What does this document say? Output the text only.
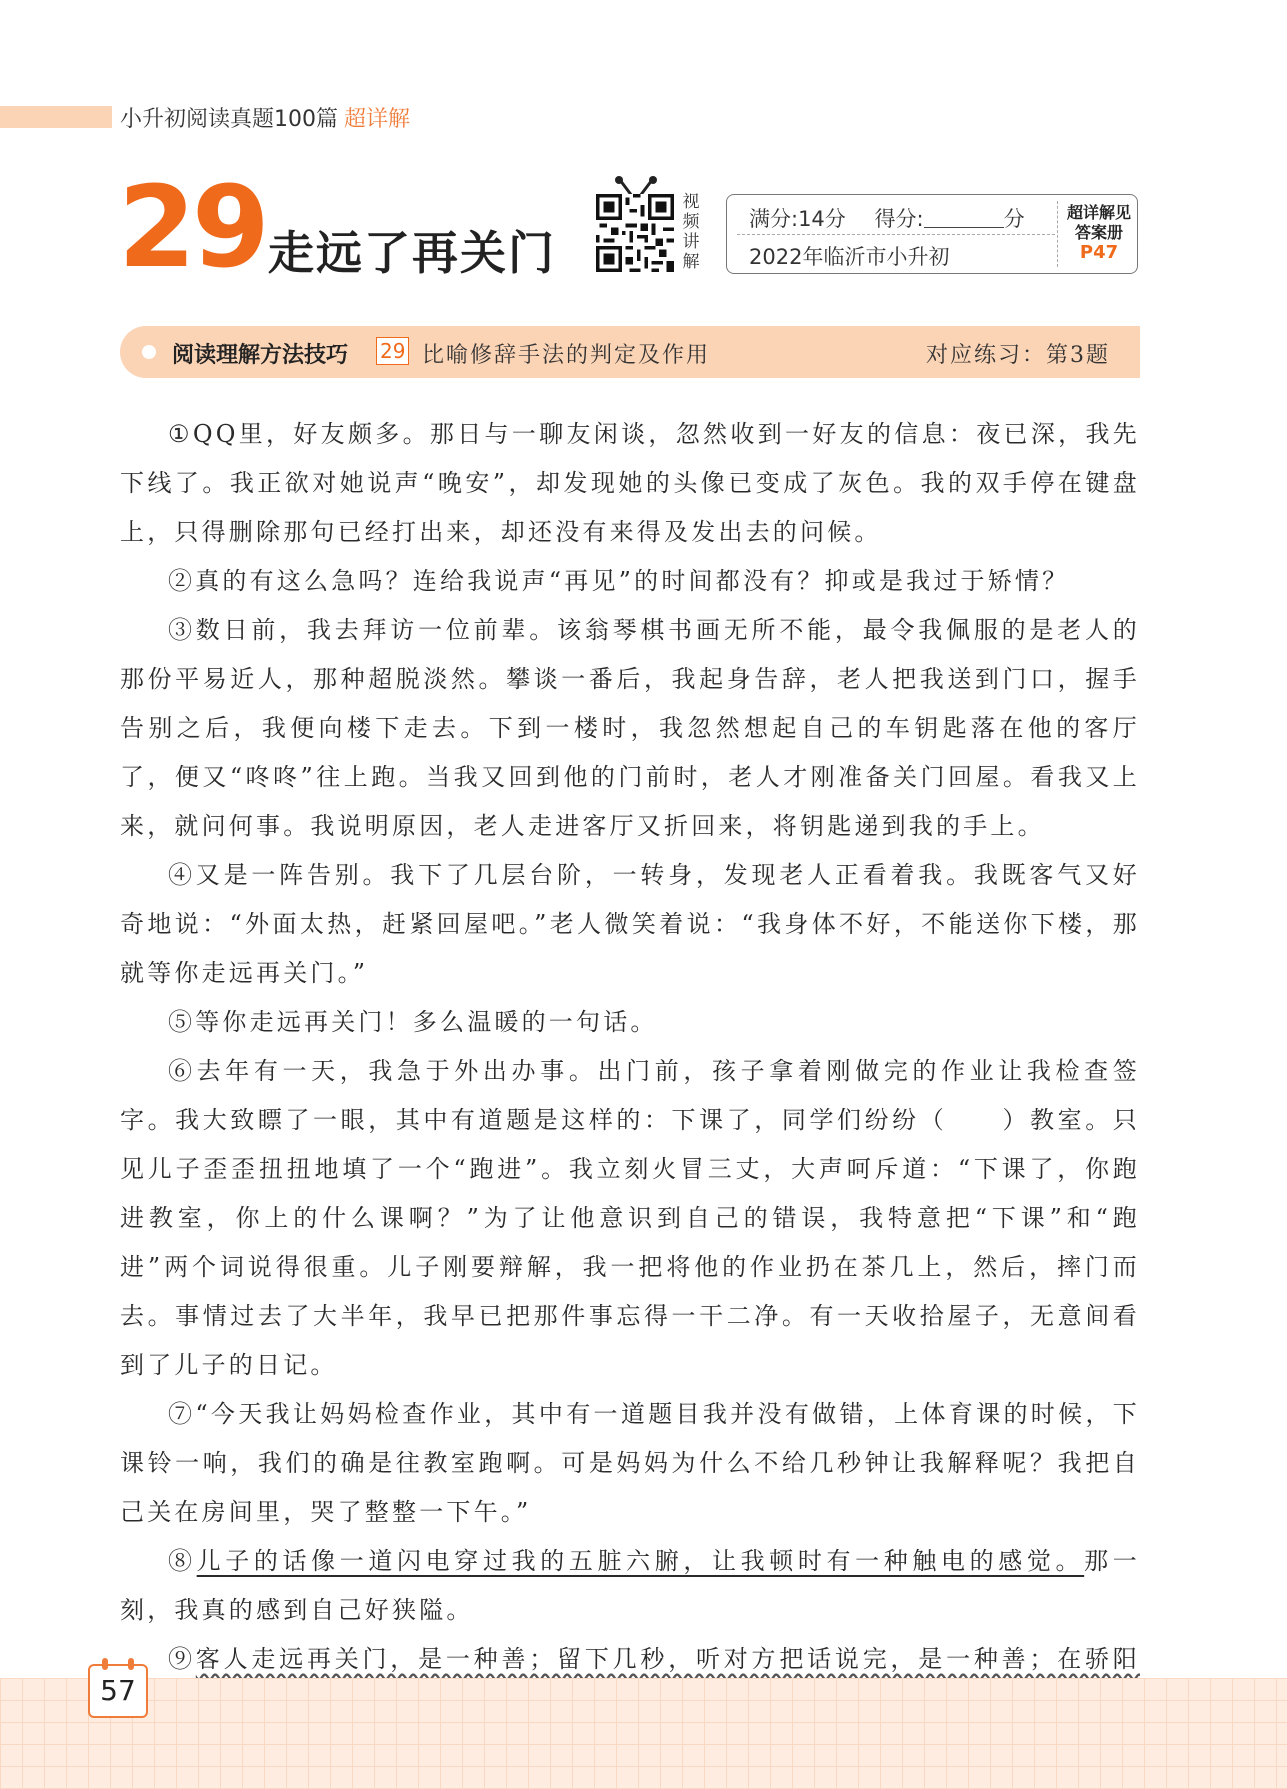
小升初阅读真题100篇 超详解
29 走远了再关门
视频讲解
满分:14分 得分:	分
2022年临沂市小升初
超详解见
答案册
P47
阅读理解方法技巧 29 比喻修辞手法的判定及作用	对应练习：第3题

①QQ里，好友颇多。那日与一聊友闲谈，忽然收到一好友的信息：夜已深，我先下线了。我正欲对她说声“晚安”，却发现她的头像已变成了灰色。我的双手停在键盘上，只得删除那句已经打出来，却还没有来得及发出去的问候。

②真的有这么急吗？连给我说声“再见”的时间都没有？抑或是我过于矫情？

③数日前，我去拜访一位前辈。该翁琴棋书画无所不能，最令我佩服的是老人的那份平易近人，那种超脱淡然。攀谈一番后，我起身告辞，老人把我送到门口，握手告别之后，我便向楼下走去。下到一楼时，我忽然想起自己的车钥匙落在他的客厅了，便又“咚咚”往上跑。当我又回到他的门前时，老人才刚准备关门回屋。看我又上来，就问何事。我说明原因，老人走进客厅又折回来，将钥匙递到我的手上。

④又是一阵告别。我下了几层台阶，一转身，发现老人正看着我。我既客气又好奇地说：“外面太热，赶紧回屋吧。”老人微笑着说：“我身体不好，不能送你下楼，那就等你走远再关门。”

⑤等你走远再关门！多么温暖的一句话。

⑥去年有一天，我急于外出办事。出门前，孩子拿着刚做完的作业让我检查签字。我大致瞟了一眼，其中有道题是这样的：下课了，同学们纷纷（　　）教室。只见儿子歪歪扭扭地填了一个“跑进”。我立刻火冒三丈，大声呵斥道：“下课了，你跑进教室，你上的什么课啊？”为了让他意识到自己的错误，我特意把“下课”和“跑进”两个词说得很重。儿子刚要辩解，我一把将他的作业扔在茶几上，然后，摔门而去。事情过去了大半年，我早已把那件事忘得一干二净。有一天收拾屋子，无意间看到了儿子的日记。

⑦“今天我让妈妈检查作业，其中有一道题目我并没有做错，上体育课的时候，下课铃一响，我们的确是往教室跑啊。可是妈妈为什么不给几秒钟让我解释呢？我把自己关在房间里，哭了整整一下午。”

⑧儿子的话像一道闪电穿过我的五脏六腑，让我顿时有一种触电的感觉。那一刻，我真的感到自己好狭隘。

⑨客人走远再关门，是一种善；留下几秒，听对方把话说完，是一种善；在骄阳

57
